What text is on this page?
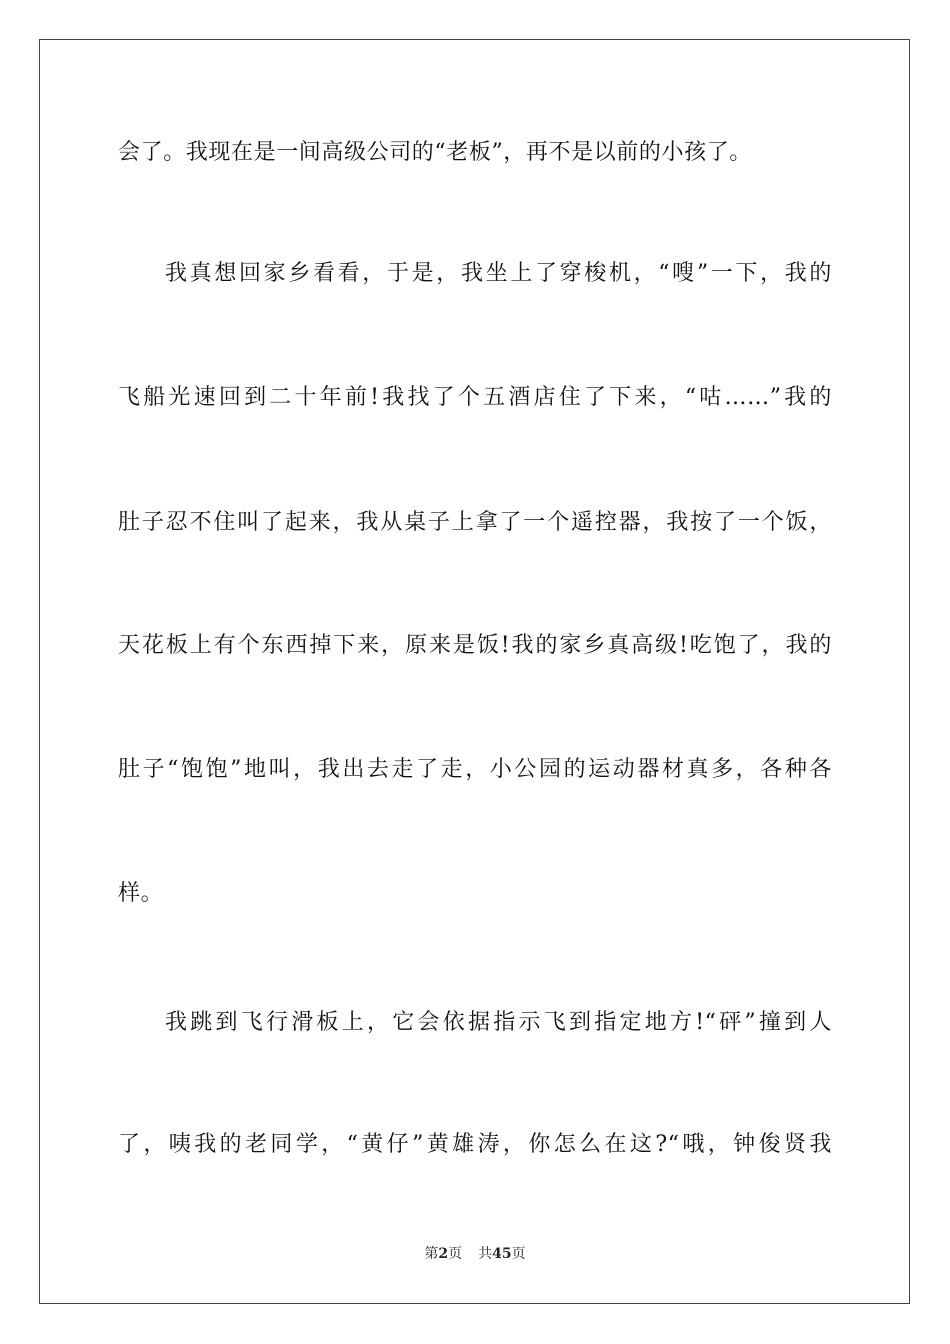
会了。我现在是一间高级公司的“老板”，再不是以前的小孩了。
我真想回家乡看看，于是，我坐上了穿梭机，“嗖”一下，我的
飞船光速回到二十年前!我找了个五酒店住了下来，“咕……”我的
肚子忍不住叫了起来，我从桌子上拿了一个遥控器，我按了一个饭，
天花板上有个东西掉下来，原来是饭!我的家乡真高级!吃饱了，我的
肚子“饱饱”地叫，我出去走了走，小公园的运动器材真多，各种各
样。
我跳到飞行滑板上，它会依据指示飞到指定地方!“砰”撞到人
了，咦我的老同学，“黄仔”黄雄涛，你怎么在这?“哦，钟俊贤我
第2页 共45页
